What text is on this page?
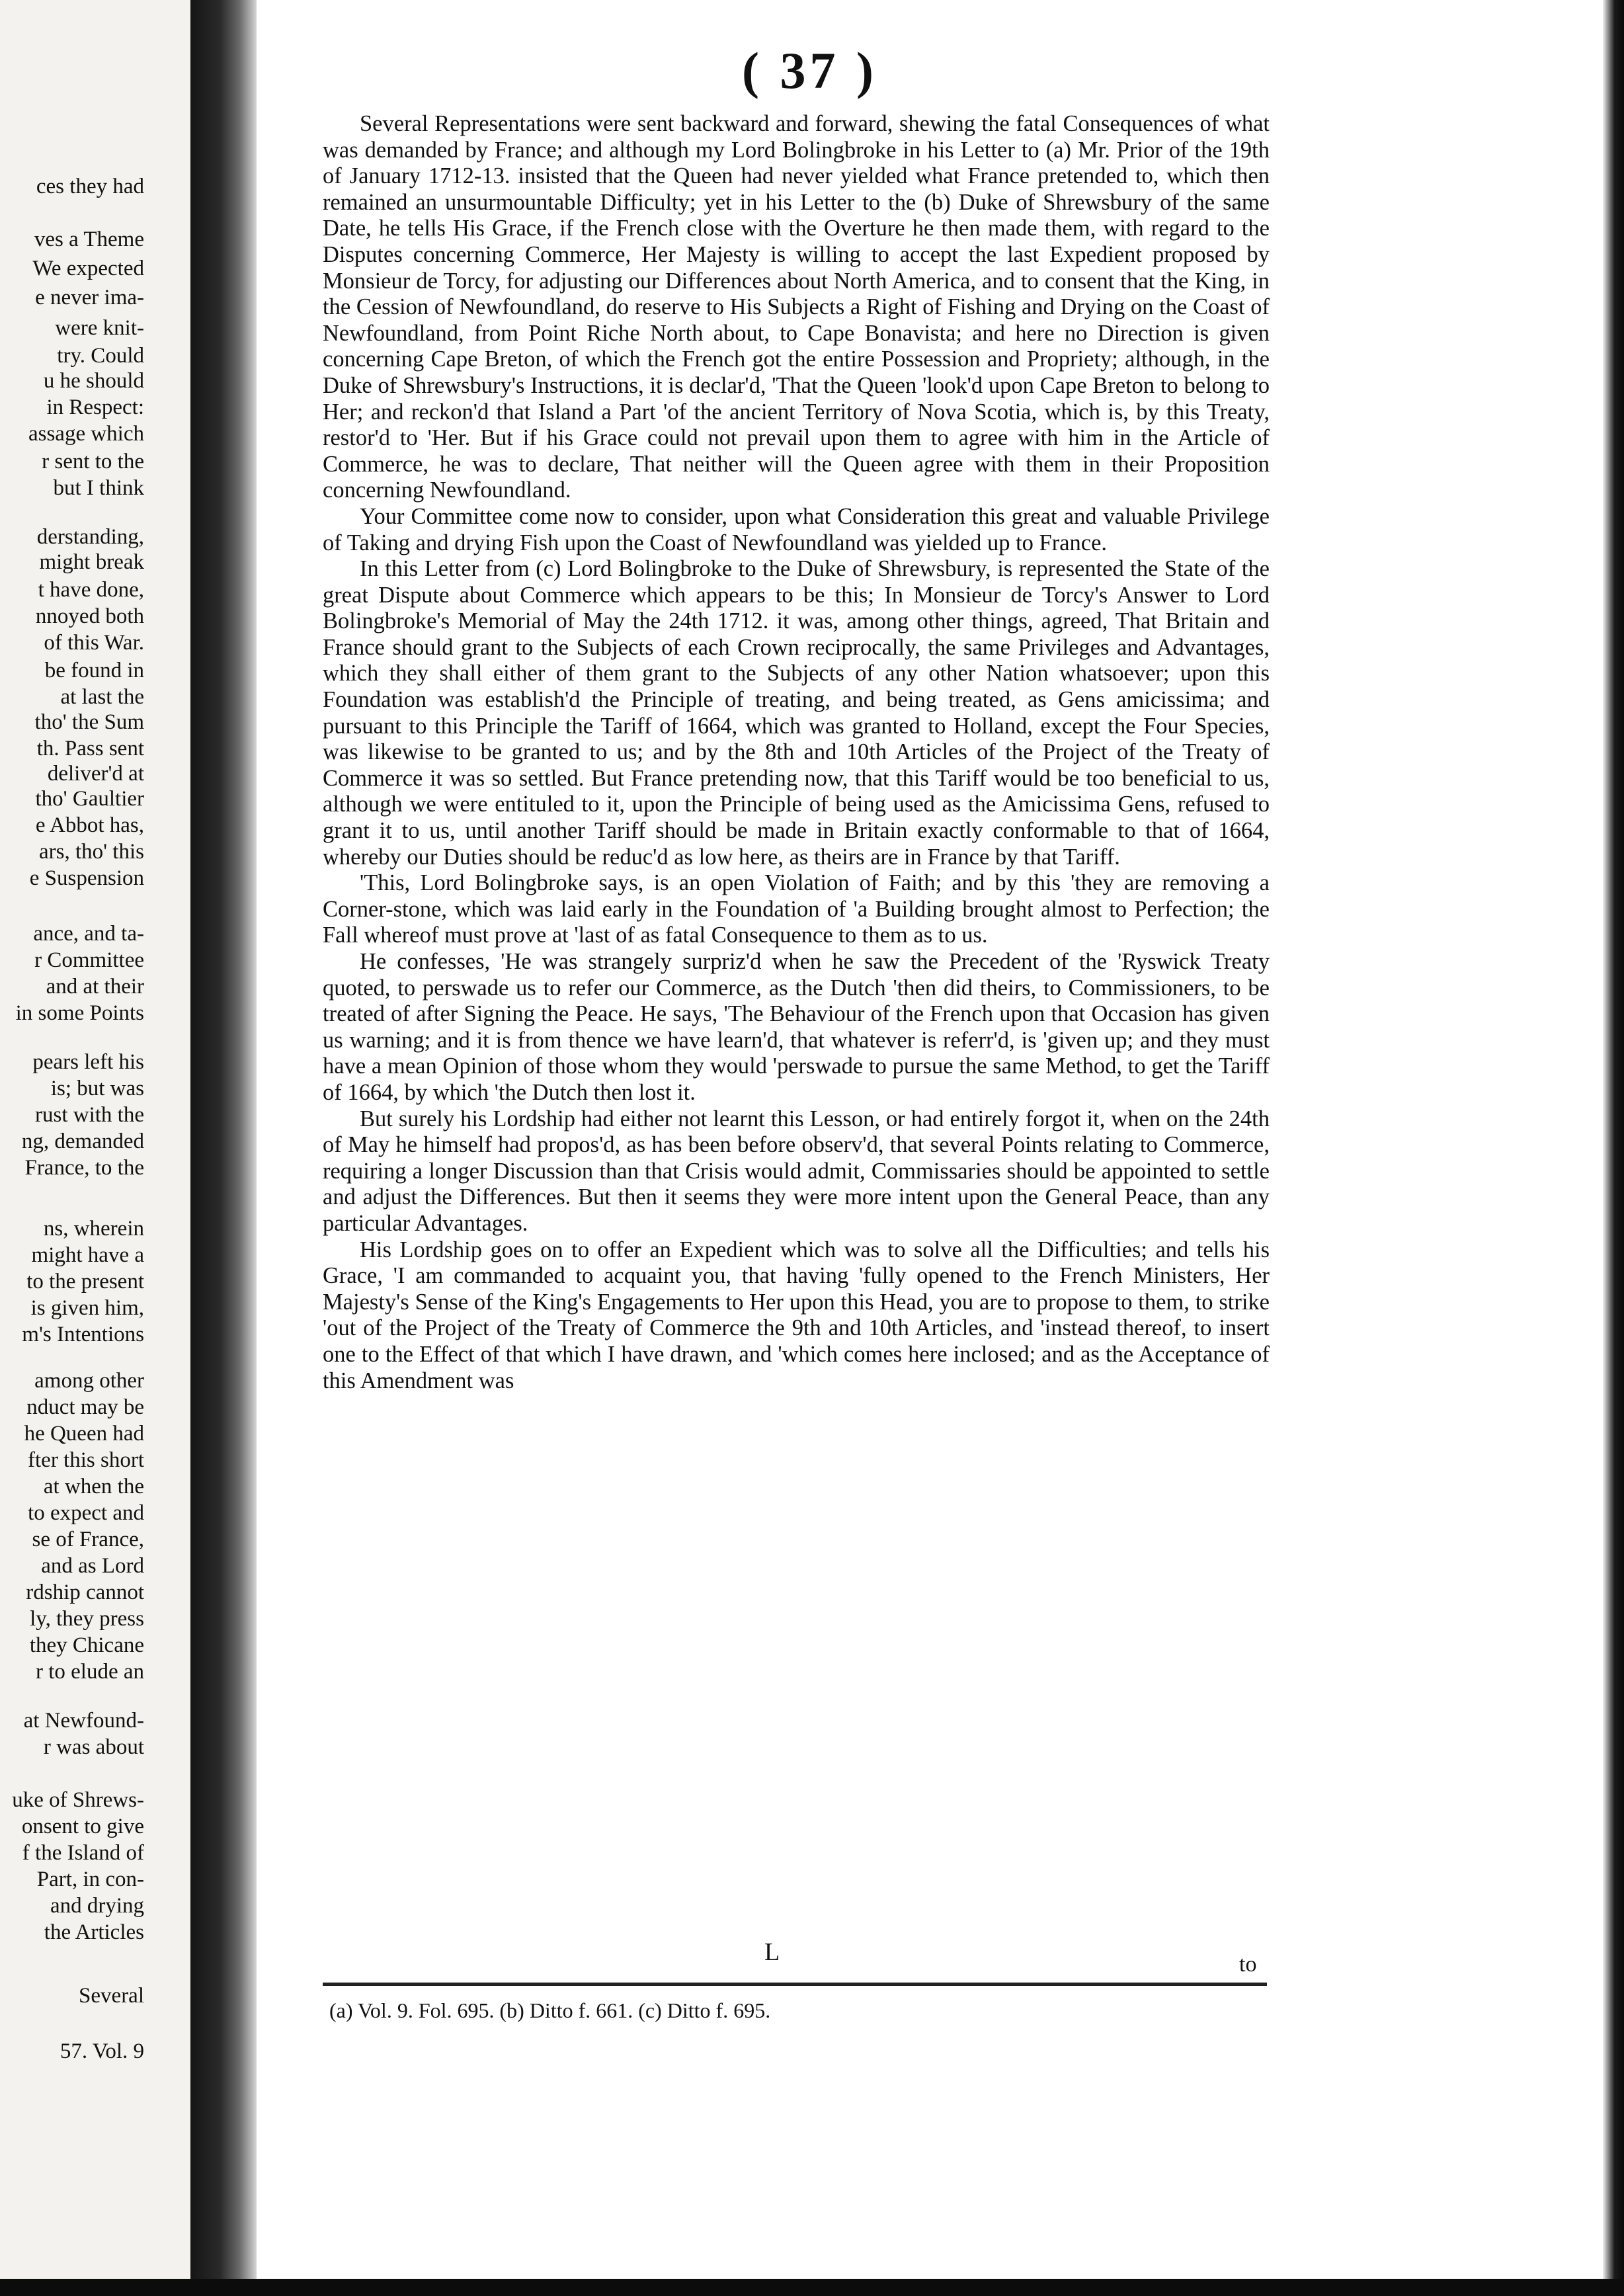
ces they had
ves a Theme
We expected
e never ima-
were knit-
try. Could
u he should
in Respect:
assage which
r sent to the
but I think
derstanding,
might break
t have done,
nnoyed both
of this War.
be found in
at last the
tho' the Sum
th. Pass sent
deliver'd at
tho' Gaultier
e Abbot has,
ars, tho' this
e Suspension
ance, and ta-
r Committee
and at their
in some Points
pears left his
is; but was
rust with the
ng, demanded
France, to the
ns, wherein
might have a
to the present
is given him,
m's Intentions
among other
nduct may be
he Queen had
fter this short
at when the
to expect and
se of France,
and as Lord
rdship cannot
ly, they press
they Chicane
r to elude an
at Newfound-
r was about
uke of Shrews-
onsent to give
f the Island of
Part, in con-
and drying
the Articles
Several
57. Vol. 9
( 37 )

Several Representations were sent backward and forward, shewing the fatal Consequences of what was demanded by France; and although my Lord Bolingbroke in his Letter to (a) Mr. Prior of the 19th of January 1712-13. insisted that the Queen had never yielded what France pretended to, which then remained an unsurmountable Difficulty; yet in his Letter to the (b) Duke of Shrewsbury of the same Date, he tells His Grace, if the French close with the Overture he then made them, with regard to the Disputes concerning Commerce, Her Majesty is willing to accept the last Expedient proposed by Monsieur de Torcy, for adjusting our Differences about North America, and to consent that the King, in the Cession of Newfoundland, do reserve to His Subjects a Right of Fishing and Drying on the Coast of Newfoundland, from Point Riche North about, to Cape Bonavista; and here no Direction is given concerning Cape Breton, of which the French got the entire Possession and Propriety; although, in the Duke of Shrewsbury's Instructions, it is declar'd, 'That the Queen 'look'd upon Cape Breton to belong to Her; and reckon'd that Island a Part 'of the ancient Territory of Nova Scotia, which is, by this Treaty, restor'd to 'Her. But if his Grace could not prevail upon them to agree with him in the Article of Commerce, he was to declare, That neither will the Queen agree with them in their Proposition concerning Newfoundland.

Your Committee come now to consider, upon what Consideration this great and valuable Privilege of Taking and drying Fish upon the Coast of Newfoundland was yielded up to France.

In this Letter from (c) Lord Bolingbroke to the Duke of Shrewsbury, is represented the State of the great Dispute about Commerce which appears to be this; In Monsieur de Torcy's Answer to Lord Bolingbroke's Memorial of May the 24th 1712. it was, among other things, agreed, That Britain and France should grant to the Subjects of each Crown reciprocally, the same Privileges and Advantages, which they shall either of them grant to the Subjects of any other Nation whatsoever; upon this Foundation was establish'd the Principle of treating, and being treated, as Gens amicissima; and pursuant to this Principle the Tariff of 1664, which was granted to Holland, except the Four Species, was likewise to be granted to us; and by the 8th and 10th Articles of the Project of the Treaty of Commerce it was so settled. But France pretending now, that this Tariff would be too beneficial to us, although we were entituled to it, upon the Principle of being used as the Amicissima Gens, refused to grant it to us, until another Tariff should be made in Britain exactly conformable to that of 1664, whereby our Duties should be reduc'd as low here, as theirs are in France by that Tariff.

'This, Lord Bolingbroke says, is an open Violation of Faith; and by this 'they are removing a Corner-stone, which was laid early in the Foundation of 'a Building brought almost to Perfection; the Fall whereof must prove at 'last of as fatal Consequence to them as to us.

He confesses, 'He was strangely surpriz'd when he saw the Precedent of the 'Ryswick Treaty quoted, to perswade us to refer our Commerce, as the Dutch 'then did theirs, to Commissioners, to be treated of after Signing the Peace. He says, 'The Behaviour of the French upon that Occasion has given us warning; and it is from thence we have learn'd, that whatever is referr'd, is 'given up; and they must have a mean Opinion of those whom they would 'perswade to pursue the same Method, to get the Tariff of 1664, by which 'the Dutch then lost it.

But surely his Lordship had either not learnt this Lesson, or had entirely forgot it, when on the 24th of May he himself had propos'd, as has been before observ'd, that several Points relating to Commerce, requiring a longer Discussion than that Crisis would admit, Commissaries should be appointed to settle and adjust the Differences. But then it seems they were more intent upon the General Peace, than any particular Advantages.

His Lordship goes on to offer an Expedient which was to solve all the Difficulties; and tells his Grace, 'I am commanded to acquaint you, that having 'fully opened to the French Ministers, Her Majesty's Sense of the King's Engagements to Her upon this Head, you are to propose to them, to strike 'out of the Project of the Treaty of Commerce the 9th and 10th Articles, and 'instead thereof, to insert one to the Effect of that which I have drawn, and 'which comes here inclosed; and as the Acceptance of this Amendment was

L	to
(a) Vol. 9. Fol. 695. (b) Ditto f. 661. (c) Ditto f. 695.
